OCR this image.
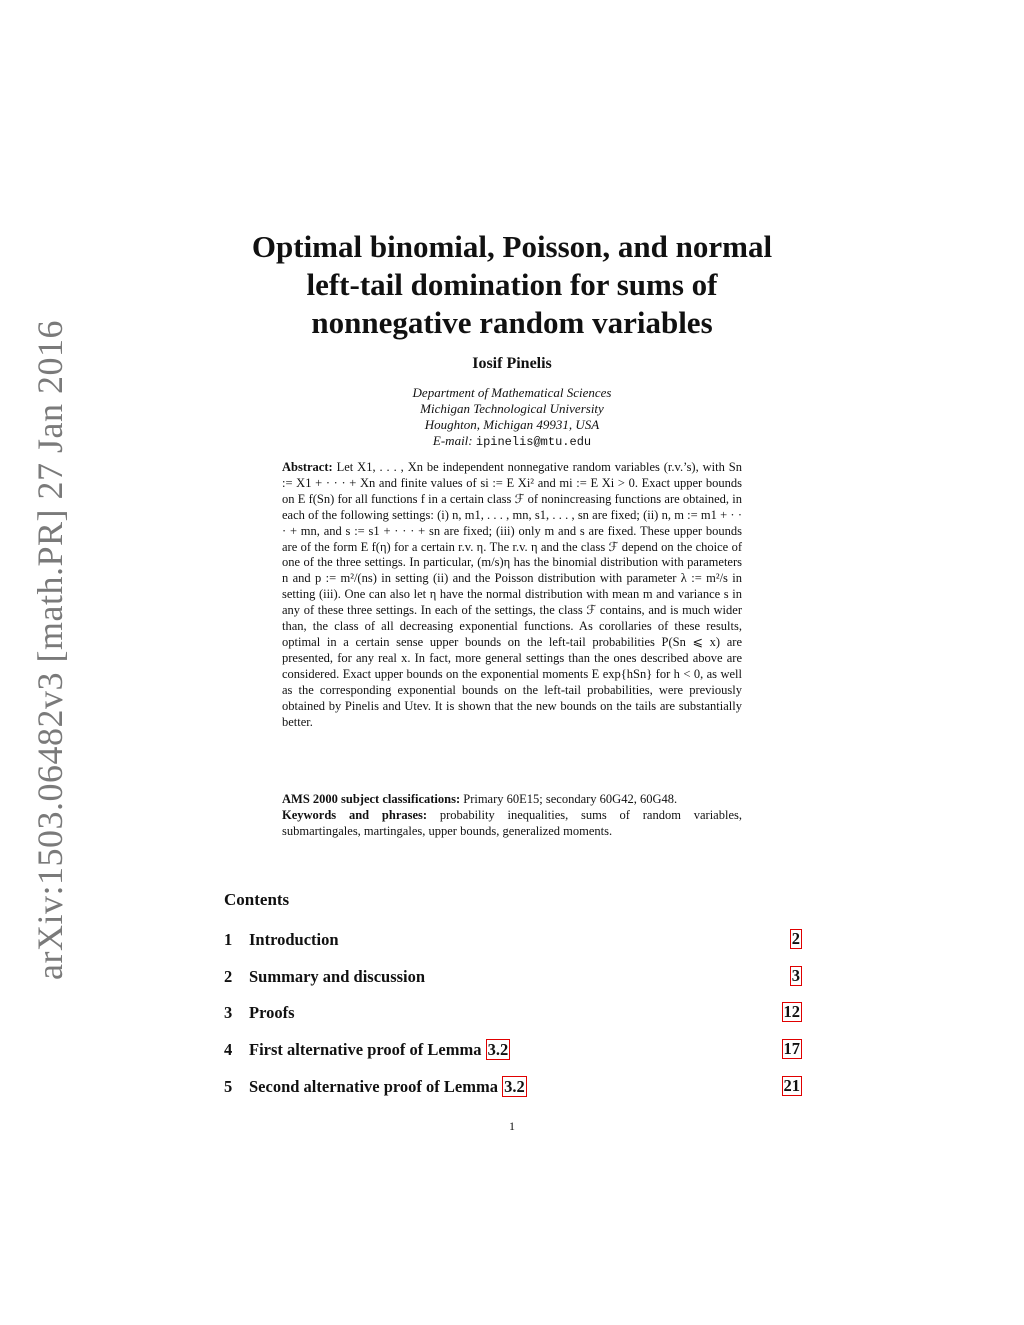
arXiv:1503.06482v3 [math.PR] 27 Jan 2016
Optimal binomial, Poisson, and normal
left-tail domination for sums of
nonnegative random variables
Iosif Pinelis
Department of Mathematical Sciences
Michigan Technological University
Houghton, Michigan 49931, USA
E-mail: ipinelis@mtu.edu
Abstract: Let X1, . . . , Xn be independent nonnegative random variables (r.v.’s), with Sn := X1 + · · · + Xn and finite values of si := E Xi² and mi := E Xi > 0. Exact upper bounds on E f(Sn) for all functions f in a certain class ℱ of nonincreasing functions are obtained, in each of the following settings: (i) n, m1, . . . , mn, s1, . . . , sn are fixed; (ii) n, m := m1 + · · · + mn, and s := s1 + · · · + sn are fixed; (iii) only m and s are fixed. These upper bounds are of the form E f(η) for a certain r.v. η. The r.v. η and the class ℱ depend on the choice of one of the three settings. In particular, (m/s)η has the binomial distribution with parameters n and p := m²/(ns) in setting (ii) and the Poisson distribution with parameter λ := m²/s in setting (iii). One can also let η have the normal distribution with mean m and variance s in any of these three settings. In each of the settings, the class ℱ contains, and is much wider than, the class of all decreasing exponential functions. As corollaries of these results, optimal in a certain sense upper bounds on the left-tail probabilities P(Sn ⩽ x) are presented, for any real x. In fact, more general settings than the ones described above are considered. Exact upper bounds on the exponential moments E exp{hSn} for h < 0, as well as the corresponding exponential bounds on the left-tail probabilities, were previously obtained by Pinelis and Utev. It is shown that the new bounds on the tails are substantially better.
AMS 2000 subject classifications: Primary 60E15; secondary 60G42, 60G48.
Keywords and phrases: probability inequalities, sums of random variables, submartingales, martingales, upper bounds, generalized moments.
Contents
1 Introduction	2
2 Summary and discussion	3
3 Proofs	12
4 First alternative proof of Lemma 3.2	17
5 Second alternative proof of Lemma 3.2	21
1
